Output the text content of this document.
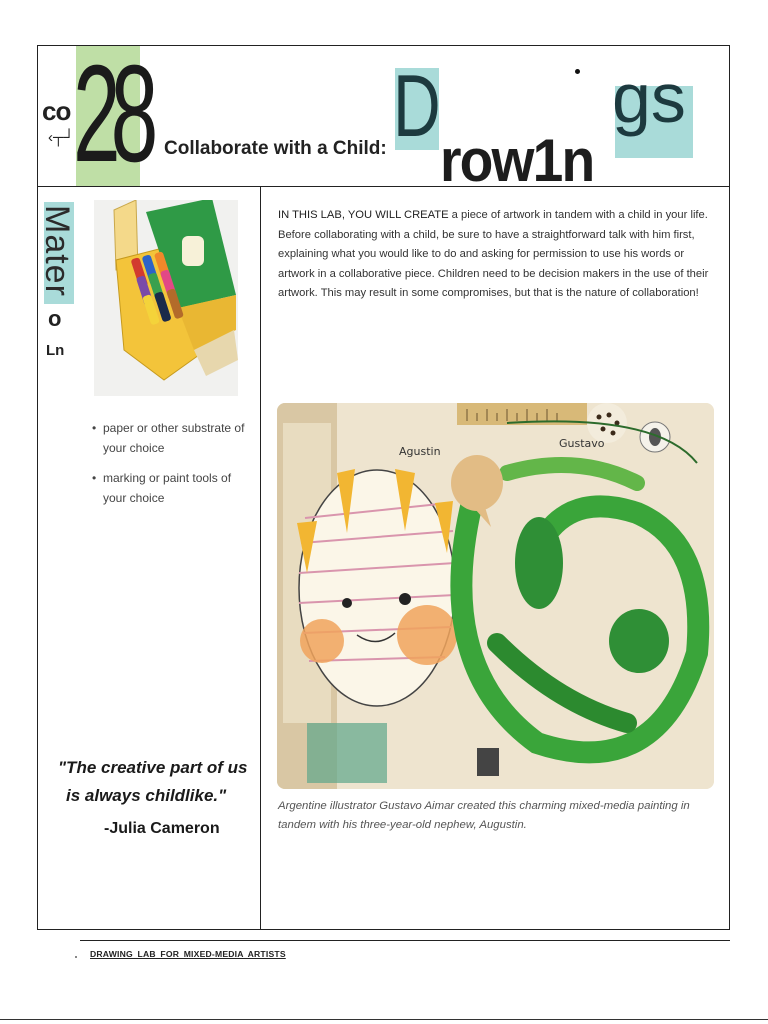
co
‹┬┘
28 Collaborate with a Child: D
row1n
gs
Mater
o
Ln
• paper or other substrate of your choice
• marking or paint tools of your choice
"The creative part of us
is always childlike."
-Julia Cameron

IN THIS LAB, YOU WILL CREATE a piece of artwork in tandem with a child in your life. Before collaborating with a child, be sure to have a straightforward talk with him first, explaining what you would like to do and asking for permission to use his words or artwork in a collaborative piece. Children need to be decision makers in the use of their artwork. This may result in some compromises, but that is the nature of collaboration!

Agustin
Gustavo

Argentine illustrator Gustavo Aimar created this charming mixed-media painting in tandem with his three-year-old nephew, Augustin.

DRAWING LAB FOR MIXED-MEDIA ARTISTS
